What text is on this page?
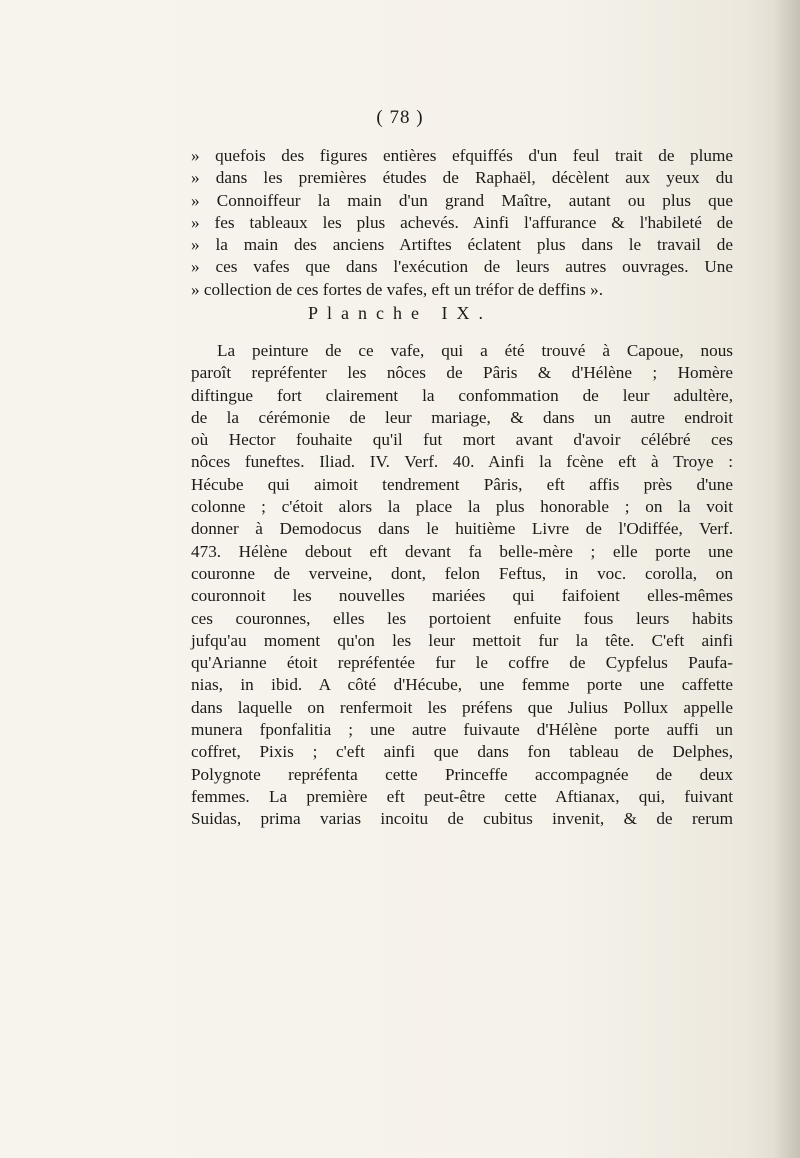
( 78 )
» quefois des figures entières efquiffés d'un feul trait de plume
» dans les premières études de Raphaël, décèlent aux yeux du
» Connoiffeur la main d'un grand Maître, autant ou plus que
» fes tableaux les plus achevés. Ainfi l'affurance & l'habileté de
» la main des anciens Artiftes éclatent plus dans le travail de
» ces vafes que dans l'exécution de leurs autres ouvrages. Une
» collection de ces fortes de vafes, eft un tréfor de deffins ».
Planche IX.
La peinture de ce vafe, qui a été trouvé à Capoue, nous
paroît repréfenter les nôces de Pâris & d'Hélène ; Homère
diftingue fort clairement la confommation de leur adultère,
de la cérémonie de leur mariage, & dans un autre endroit
où Hector fouhaite qu'il fut mort avant d'avoir célébré ces
nôces funeftes. Iliad. IV. Verf. 40. Ainfi la fcène eft à Troye :
Hécube qui aimoit tendrement Pâris, eft affis près d'une
colonne ; c'étoit alors la place la plus honorable ; on la voit
donner à Demodocus dans le huitième Livre de l'Odiffée, Verf.
473. Hélène debout eft devant fa belle-mère ; elle porte une
couronne de verveine, dont, felon Feftus, in voc. corolla, on
couronnoit les nouvelles mariées qui faifoient elles-mêmes
ces couronnes, elles les portoient enfuite fous leurs habits
jufqu'au moment qu'on les leur mettoit fur la tête. C'eft ainfi
qu'Arianne étoit repréfentée fur le coffre de Cypfelus Paufa-
nias, in ibid. A côté d'Hécube, une femme porte une caffette
dans laquelle on renfermoit les préfens que Julius Pollux appelle
munera fponfalitia ; une autre fuivaute d'Hélène porte auffi un
coffret, Pixis ; c'eft ainfi que dans fon tableau de Delphes,
Polygnote repréfenta cette Princeffe accompagnée de deux
femmes. La première eft peut-être cette Aftianax, qui, fuivant
Suidas, prima varias incoitu de cubitus invenit, & de rerum
